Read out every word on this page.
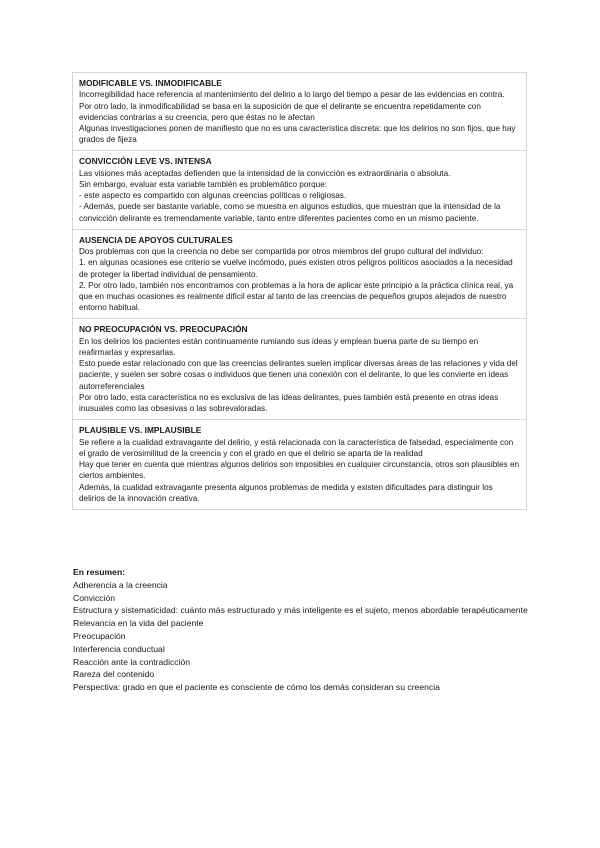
MODIFICABLE VS. INMODIFICABLE

Incorregibilidad hace referencia al mantenimiento del delirio a lo largo del tiempo a pesar de las evidencias en contra.

Por otro lado, la inmodificabilidad se basa en la suposición de que el delirante se encuentra repetidamente con evidencias contrarias a su creencia, pero que éstas no le afectan

Algunas investigaciones ponen de manifiesto que no es una característica discreta: que los delirios no son fijos, que hay grados de fijeza

CONVICCIÓN LEVE VS. INTENSA

Las visiones más aceptadas defienden que la intensidad de la convicción es extraordinaria o absoluta.

Sin embargo, evaluar esta variable también es problemático porque:

- este aspecto es compartido con algunas creencias políticas o religiosas.

- Además, puede ser bastante variable, como se muestra en algunos estudios, que muestran que la intensidad de la convicción delirante es tremendamente variable, tanto entre diferentes pacientes como en un mismo paciente.

AUSENCIA DE APOYOS CULTURALES

Dos problemas con que la creencia no debe ser compartida por otros miembros del grupo cultural del individuo:

1. en algunas ocasiones ese criterio se vuelve incómodo, pues existen otros peligros políticos asociados a la necesidad de proteger la libertad individual de pensamiento.

2. Por otro lado, también nos encontramos con problemas a la hora de aplicar este principio a la práctica clínica real, ya que en muchas ocasiones es realmente difícil estar al tanto de las creencias de pequeños grupos alejados de nuestro entorno habitual.

NO PREOCUPACIÓN VS. PREOCUPACIÓN

En los delirios los pacientes están continuamente rumiando sus ideas y emplean buena parte de su tiempo en reafirmarlas y expresarlas.

Esto puede estar relacionado con que las creencias delirantes suelen implicar diversas áreas de las relaciones y vida del paciente, y suelen ser sobre cosas o individuos que tienen una conexión con el delirante, lo que les convierte en ideas autorreferenciales

Por otro lado, esta característica no es exclusiva de las ideas delirantes, pues también está presente en otras ideas inusuales como las obsesivas o las sobrevaloradas.

PLAUSIBLE VS. IMPLAUSIBLE

Se refiere a la cualidad extravagante del delirio, y está relacionada con la característica de falsedad, especialmente con el grado de verosimilitud de la creencia y con el grado en que el delirio se aparta de la realidad

Hay que tener en cuenta que mientras algunos delirios son imposibles en cualquier circunstancia, otros son plausibles en ciertos ambientes.

Además, la cualidad extravagante presenta algunos problemas de medida y existen dificultades para distinguir los delirios de la innovación creativa.

En resumen:

Adherencia a la creencia

Convicción

Estructura y sistematicidad: cuánto más estructurado y más inteligente es el sujeto, menos abordable terapéuticamente

Relevancia en la vida del paciente

Preocupación

Interferencia conductual

Reacción ante la contradicción

Rareza del contenido

Perspectiva: grado en que el paciente es consciente de cómo los demás consideran su creencia
